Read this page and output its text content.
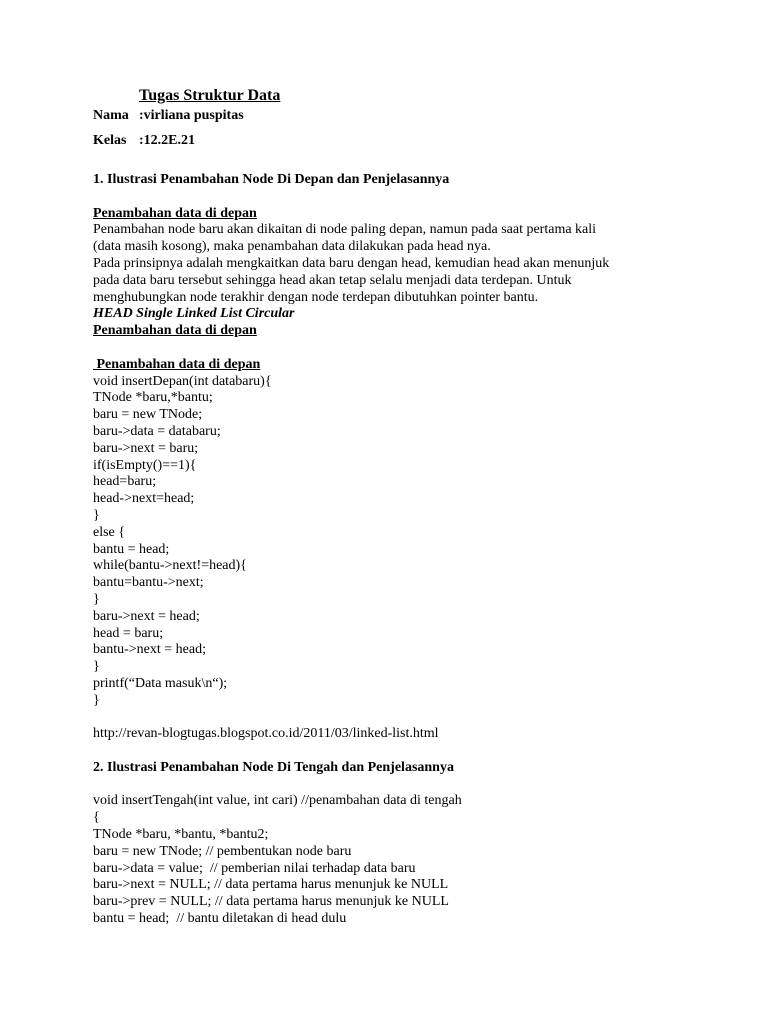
Tugas Struktur Data
Nama :virliana puspitas
Kelas :12.2E.21
1. Ilustrasi Penambahan Node Di Depan dan Penjelasannya
Penambahan data di depan
Penambahan node baru akan dikaitan di node paling depan, namun pada saat pertama kali
(data masih kosong), maka penambahan data dilakukan pada head nya.
Pada prinsipnya adalah mengkaitkan data baru dengan head, kemudian head akan menunjuk
pada data baru tersebut sehingga head akan tetap selalu menjadi data terdepan. Untuk
menghubungkan node terakhir dengan node terdepan dibutuhkan pointer bantu.
HEAD Single Linked List Circular
Penambahan data di depan
Penambahan data di depan
void insertDepan(int databaru){
TNode *baru,*bantu;
baru = new TNode;
baru->data = databaru;
baru->next = baru;
if(isEmpty()==1){
head=baru;
head->next=head;
}
else {
bantu = head;
while(bantu->next!=head){
bantu=bantu->next;
}
baru->next = head;
head = baru;
bantu->next = head;
}
printf(“Data masuk\n“);
}
http://revan-blogtugas.blogspot.co.id/2011/03/linked-list.html
2. Ilustrasi Penambahan Node Di Tengah dan Penjelasannya
void insertTengah(int value, int cari) //penambahan data di tengah
{
TNode *baru, *bantu, *bantu2;
baru = new TNode; // pembentukan node baru
baru->data = value;  // pemberian nilai terhadap data baru
baru->next = NULL; // data pertama harus menunjuk ke NULL
baru->prev = NULL; // data pertama harus menunjuk ke NULL
bantu = head;  // bantu diletakan di head dulu
